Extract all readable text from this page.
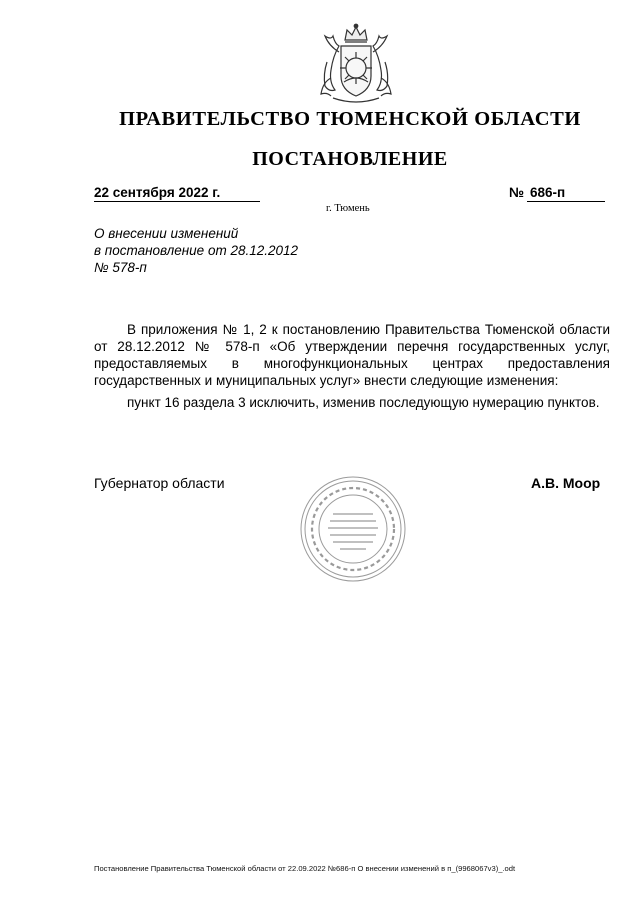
ПРАВИТЕЛЬСТВО ТЮМЕНСКОЙ ОБЛАСТИ
ПОСТАНОВЛЕНИЕ
22 сентября 2022 г.	№ 686-п
г. Тюмень
О внесении изменений
в постановление от 28.12.2012
№ 578-п

В приложения № 1, 2 к постановлению Правительства Тюменской области от 28.12.2012 № 578-п «Об утверждении перечня государственных услуг, предоставляемых в многофункциональных центрах предоставления государственных и муниципальных услуг» внести следующие изменения:

пункт 16 раздела 3 исключить, изменив последующую нумерацию пунктов.

Губернатор области	А.В. Моор
Постановление Правительства Тюменской области от 22.09.2022 №686-п О внесении изменений в п_(9968067v3)_.odt
